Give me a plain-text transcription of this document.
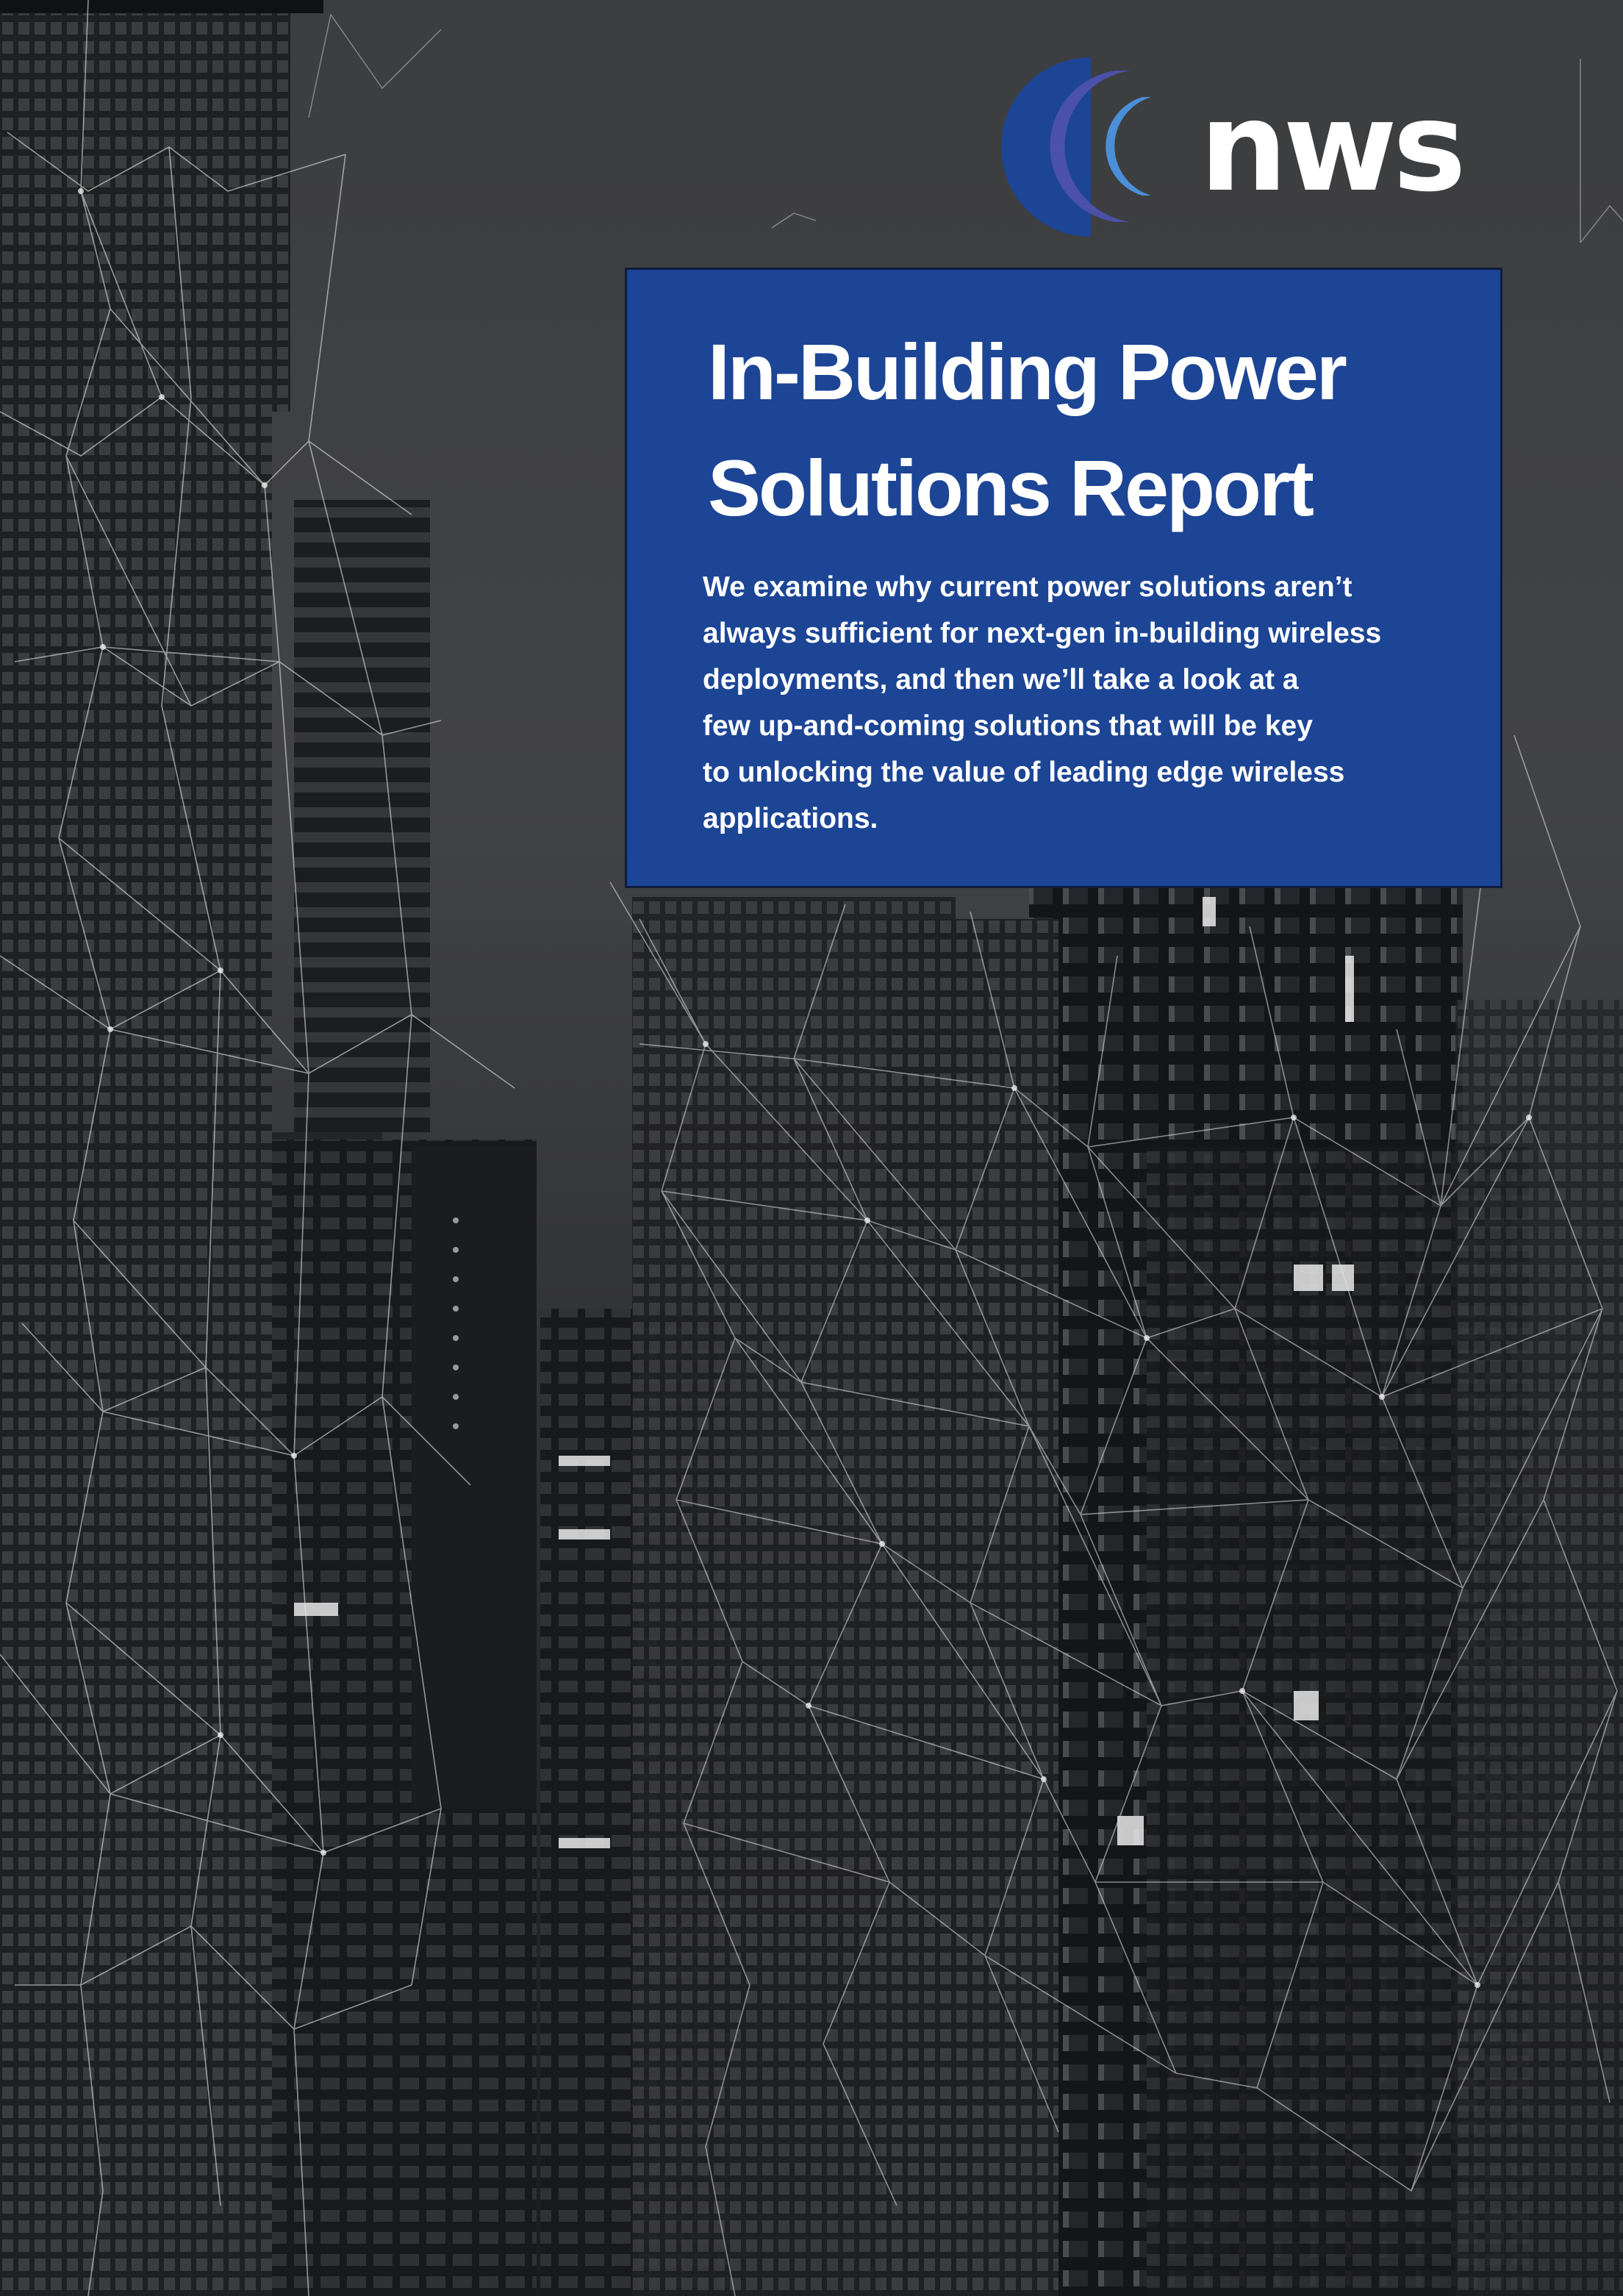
nws
In-Building Power
Solutions Report

We examine why current power solutions aren’t
always sufficient for next-gen in-building wireless
deployments, and then we’ll take a look at a
few up-and-coming solutions that will be key
to unlocking the value of leading edge wireless
applications.
